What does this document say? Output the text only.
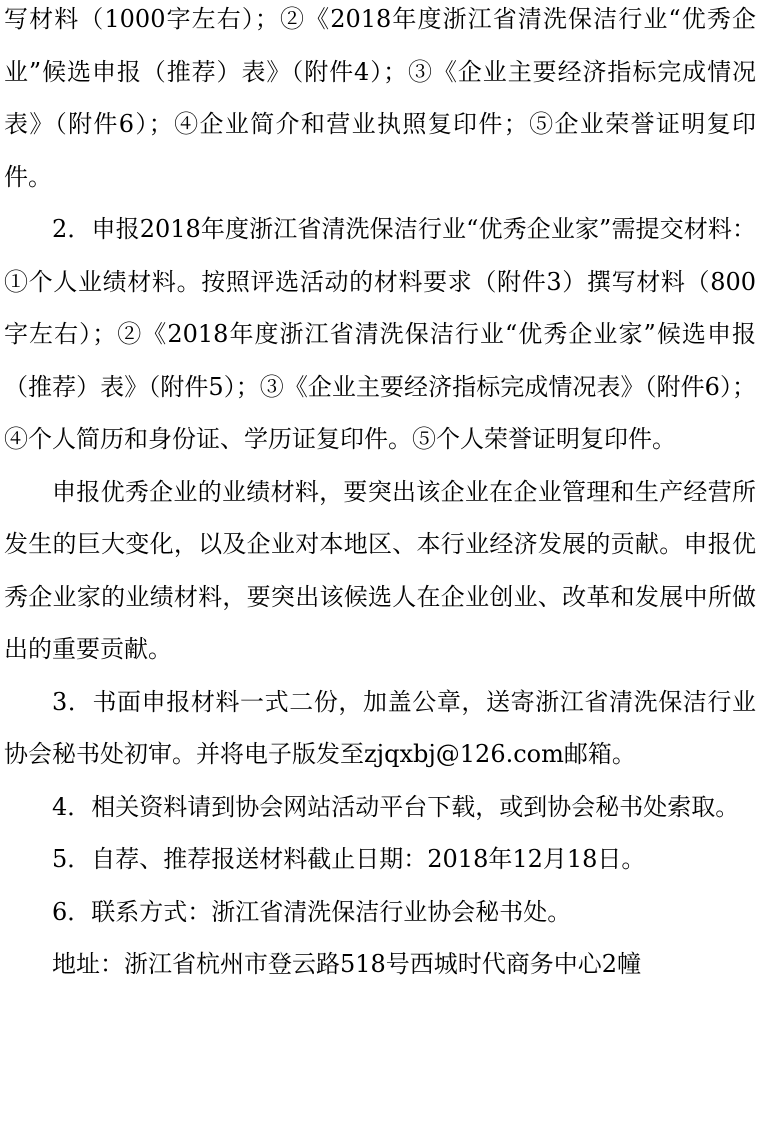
写材料（1000字左右）；②《2018年度浙江省清洗保洁行业“优秀企业”候选申报（推荐）表》（附件4）；③《企业主要经济指标完成情况表》（附件6）；④企业简介和营业执照复印件；⑤企业荣誉证明复印件。

2．申报2018年度浙江省清洗保洁行业“优秀企业家”需提交材料：①个人业绩材料。按照评选活动的材料要求（附件3）撰写材料（800字左右）；②《2018年度浙江省清洗保洁行业“优秀企业家”候选申报（推荐）表》（附件5）；③《企业主要经济指标完成情况表》（附件6）；④个人简历和身份证、学历证复印件。⑤个人荣誉证明复印件。

申报优秀企业的业绩材料，要突出该企业在企业管理和生产经营所发生的巨大变化，以及企业对本地区、本行业经济发展的贡献。申报优秀企业家的业绩材料，要突出该候选人在企业创业、改革和发展中所做出的重要贡献。

3．书面申报材料一式二份，加盖公章，送寄浙江省清洗保洁行业协会秘书处初审。并将电子版发至zjqxbj@126.com邮箱。

4．相关资料请到协会网站活动平台下载，或到协会秘书处索取。

5．自荐、推荐报送材料截止日期：2018年12月18日。

6．联系方式：浙江省清洗保洁行业协会秘书处。

地址：浙江省杭州市登云路518号西城时代商务中心2幢
